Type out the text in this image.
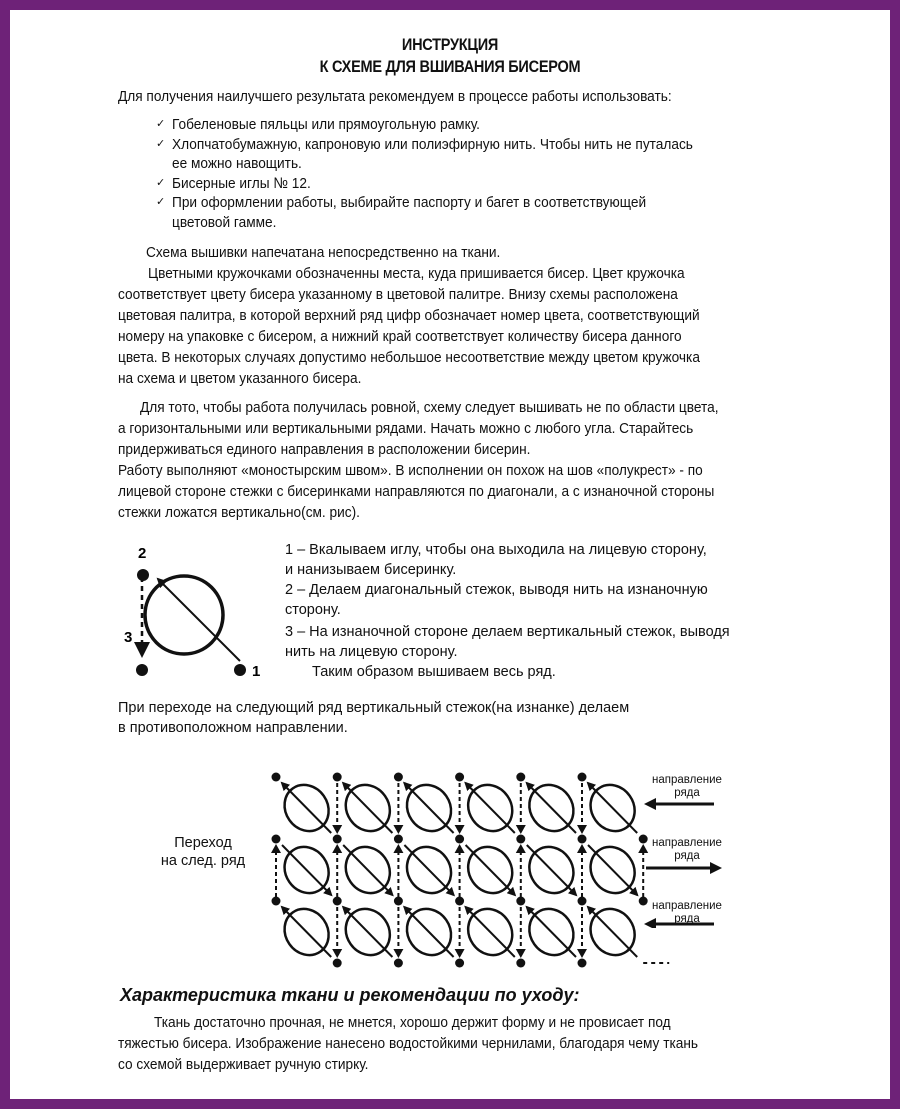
ИНСТРУКЦИЯ
К СХЕМЕ ДЛЯ ВШИВАНИЯ БИСЕРОМ
Для получения наилучшего результата рекомендуем в процессе работы использовать:
✓ Гобеленовые пяльцы или прямоугольную рамку.
✓ Хлопчатобумажную, капроновую или полиэфирную нить. Чтобы нить не путалась
ее можно навощить.
✓ Бисерные иглы № 12.
✓ При оформлении работы, выбирайте паспорту и багет в соответствующей
цветовой гамме.
Схема вышивки напечатана непосредственно на ткани.
Цветными кружочками обозначенны места, куда пришивается бисер. Цвет кружочка
соответствует цвету бисера указанному в цветовой палитре. Внизу схемы расположена
цветовая палитра, в которой верхний ряд цифр обозначает номер цвета, соответствующий
номеру на упаковке с бисером, а нижний край соответствует количеству бисера данного
цвета. В некоторых случаях допустимо небольшое несоответствие между цветом кружочка
на схема и цветом указанного бисера.
Для тото, чтобы работа получилась ровной, схему следует вышивать не по области цвета,
а горизонтальными или вертикальными рядами. Начать можно с любого угла. Старайтесь
придерживаться единого направления в расположении бисерин.
Работу выполняют «моностырским швом». В исполнении он похож на шов «полукрест» - по
лицевой стороне стежки с бисеринками направляются по диагонали, а с изнаночной стороны
стежки ложатся вертикально(см. рис).
2
3
1
1 – Вкалываем иглу, чтобы она выходила на лицевую сторону,
и нанизываем бисеринку.
2 – Делаем диагональный стежок, выводя нить на изнаночную
сторону.
3 – На изнаночной стороне делаем вертикальный стежок, выводя
нить на лицевую сторону.
Таким образом вышиваем весь ряд.
При переходе на следующий ряд вертикальный стежок(на изнанке) делаем
в противоположном направлении.
Переход
на след. ряд
направление
ряда
направление
ряда
направление
ряда
Характеристика ткани и рекомендации по уходу:
Ткань достаточно прочная, не мнется, хорошо держит форму и не провисает под
тяжестью бисера. Изображение нанесено водостойкими чернилами, благодаря чему ткань
со схемой выдерживает ручную стирку.
